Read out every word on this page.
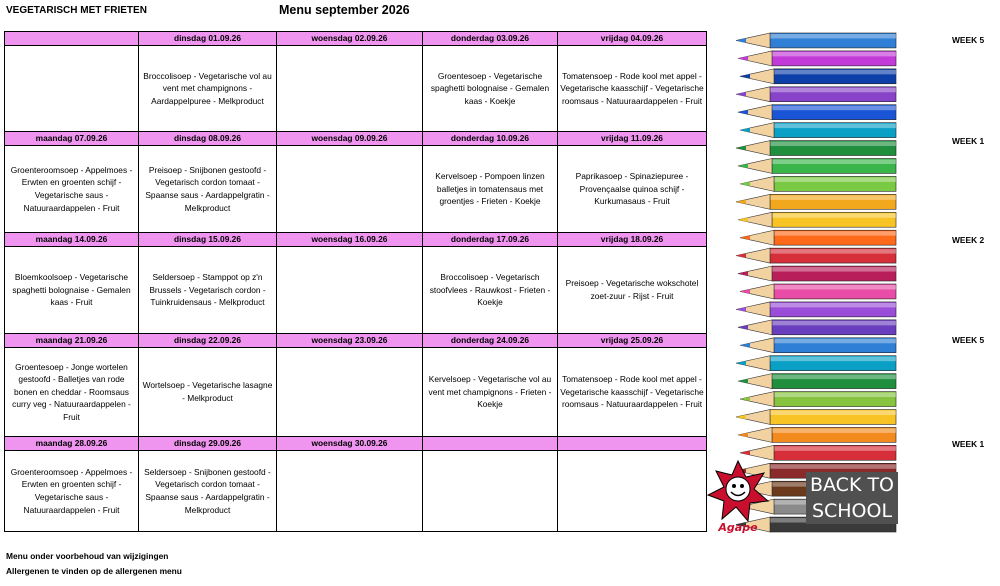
VEGETARISCH MET FRIETEN	Menu september 2026
	dinsdag 01.09.26	woensdag 02.09.26	donderdag 03.09.26	vrijdag 04.09.26
	Broccolisoep - Vegetarische vol au vent met champignons - Aardappelpuree - Melkproduct		Groentesoep - Vegetarische spaghetti bolognaise - Gemalen kaas - Koekje	Tomatensoep - Rode kool met appel - Vegetarische kaasschijf - Vegetarische roomsaus - Natuuraardappelen - Fruit
maandag 07.09.26	dinsdag 08.09.26	woensdag 09.09.26	donderdag 10.09.26	vrijdag 11.09.26
Groenteroomsoep - Appelmoes - Erwten en groenten schijf - Vegetarische saus - Natuuraardappelen - Fruit	Preisoep - Snijbonen gestoofd - Vegetarisch cordon tomaat - Spaanse saus - Aardappelgratin - Melkproduct		Kervelsoep - Pompoen linzen balletjes in tomatensaus met groentjes - Frieten - Koekje	Paprikasoep - Spinaziepuree - Provençaalse quinoa schijf - Kurkumasaus - Fruit
maandag 14.09.26	dinsdag 15.09.26	woensdag 16.09.26	donderdag 17.09.26	vrijdag 18.09.26
Bloemkoolsoep - Vegetarische spaghetti bolognaise - Gemalen kaas - Fruit	Seldersoep - Stamppot op z'n Brussels - Vegetarisch cordon - Tuinkruidensaus - Melkproduct		Broccolisoep - Vegetarisch stoofvlees - Rauwkost - Frieten - Koekje	Preisoep - Vegetarische wokschotel zoet-zuur - Rijst - Fruit
maandag 21.09.26	dinsdag 22.09.26	woensdag 23.09.26	donderdag 24.09.26	vrijdag 25.09.26
Groentesoep - Jonge wortelen gestoofd - Balletjes van rode bonen en cheddar - Roomsaus curry veg - Natuuraardappelen - Fruit	Wortelsoep - Vegetarische lasagne - Melkproduct		Kervelsoep - Vegetarische vol au vent met champignons - Frieten - Koekje	Tomatensoep - Rode kool met appel - Vegetarische kaasschijf - Vegetarische roomsaus - Natuuraardappelen - Fruit
maandag 28.09.26	dinsdag 29.09.26	woensdag 30.09.26		
Groenteroomsoep - Appelmoes - Erwten en groenten schijf - Vegetarische saus - Natuuraardappelen - Fruit	Seldersoep - Snijbonen gestoofd - Vegetarisch cordon tomaat - Spaanse saus - Aardappelgratin - Melkproduct			
Agape
BACK TO
SCHOOL
WEEK 5
WEEK 1
WEEK 2
WEEK 5
WEEK 1
Menu onder voorbehoud van wijzigingen
Allergenen te vinden op de allergenen menu
